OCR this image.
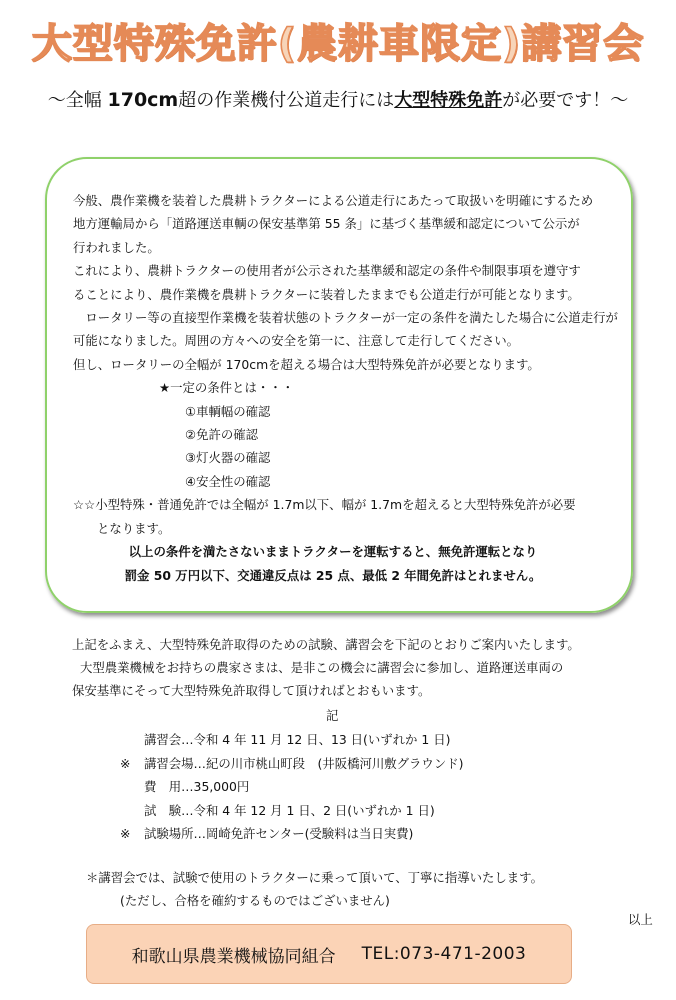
大型特殊免許(農耕車限定)講習会
～全幅 170cm超の作業機付公道走行には大型特殊免許が必要です！～

今般、農作業機を装着した農耕トラクターによる公道走行にあたって取扱いを明確にするため

地方運輸局から「道路運送車輌の保安基準第 55 条」に基づく基準緩和認定について公示が

行われました。

これにより、農耕トラクターの使用者が公示された基準緩和認定の条件や制限事項を遵守す

ることにより、農作業機を農耕トラクターに装着したままでも公道走行が可能となります。

　ロータリー等の直接型作業機を装着状態のトラクターが一定の条件を満たした場合に公道走行が

可能になりました。周囲の方々への安全を第一に、注意して走行してください。

但し、ロータリーの全幅が 170cmを超える場合は大型特殊免許が必要となります。

★一定の条件とは・・・

①車輌幅の確認

②免許の確認

③灯火器の確認

④安全性の確認

☆☆小型特殊・普通免許では全幅が 1.7m以下、幅が 1.7mを超えると大型特殊免許が必要

となります。

以上の条件を満たさないままトラクターを運転すると、無免許運転となり

罰金 50 万円以下、交通違反点は 25 点、最低 2 年間免許はとれません。

上記をふまえ、大型特殊免許取得のための試験、講習会を下記のとおりご案内いたします。

大型農業機械をお持ちの農家さまは、是非この機会に講習会に参加し、道路運送車両の

保安基準にそって大型特殊免許取得して頂ければとおもいます。

記

講習会…令和 4 年 11 月 12 日、13 日(いずれか 1 日)

※ 講習会場…紀の川市桃山町段　(井阪橋河川敷グラウンド)

費　用…35,000円

試　験…令和 4 年 12 月 1 日、2 日(いずれか 1 日)

※ 試験場所…岡崎免許センター(受験料は当日実費)

＊講習会では、試験で使用のトラクターに乗って頂いて、丁寧に指導いたします。

(ただし、合格を確約するものではございません)

以上
和歌山県農業機械協同組合 TEL:073-471-2003
